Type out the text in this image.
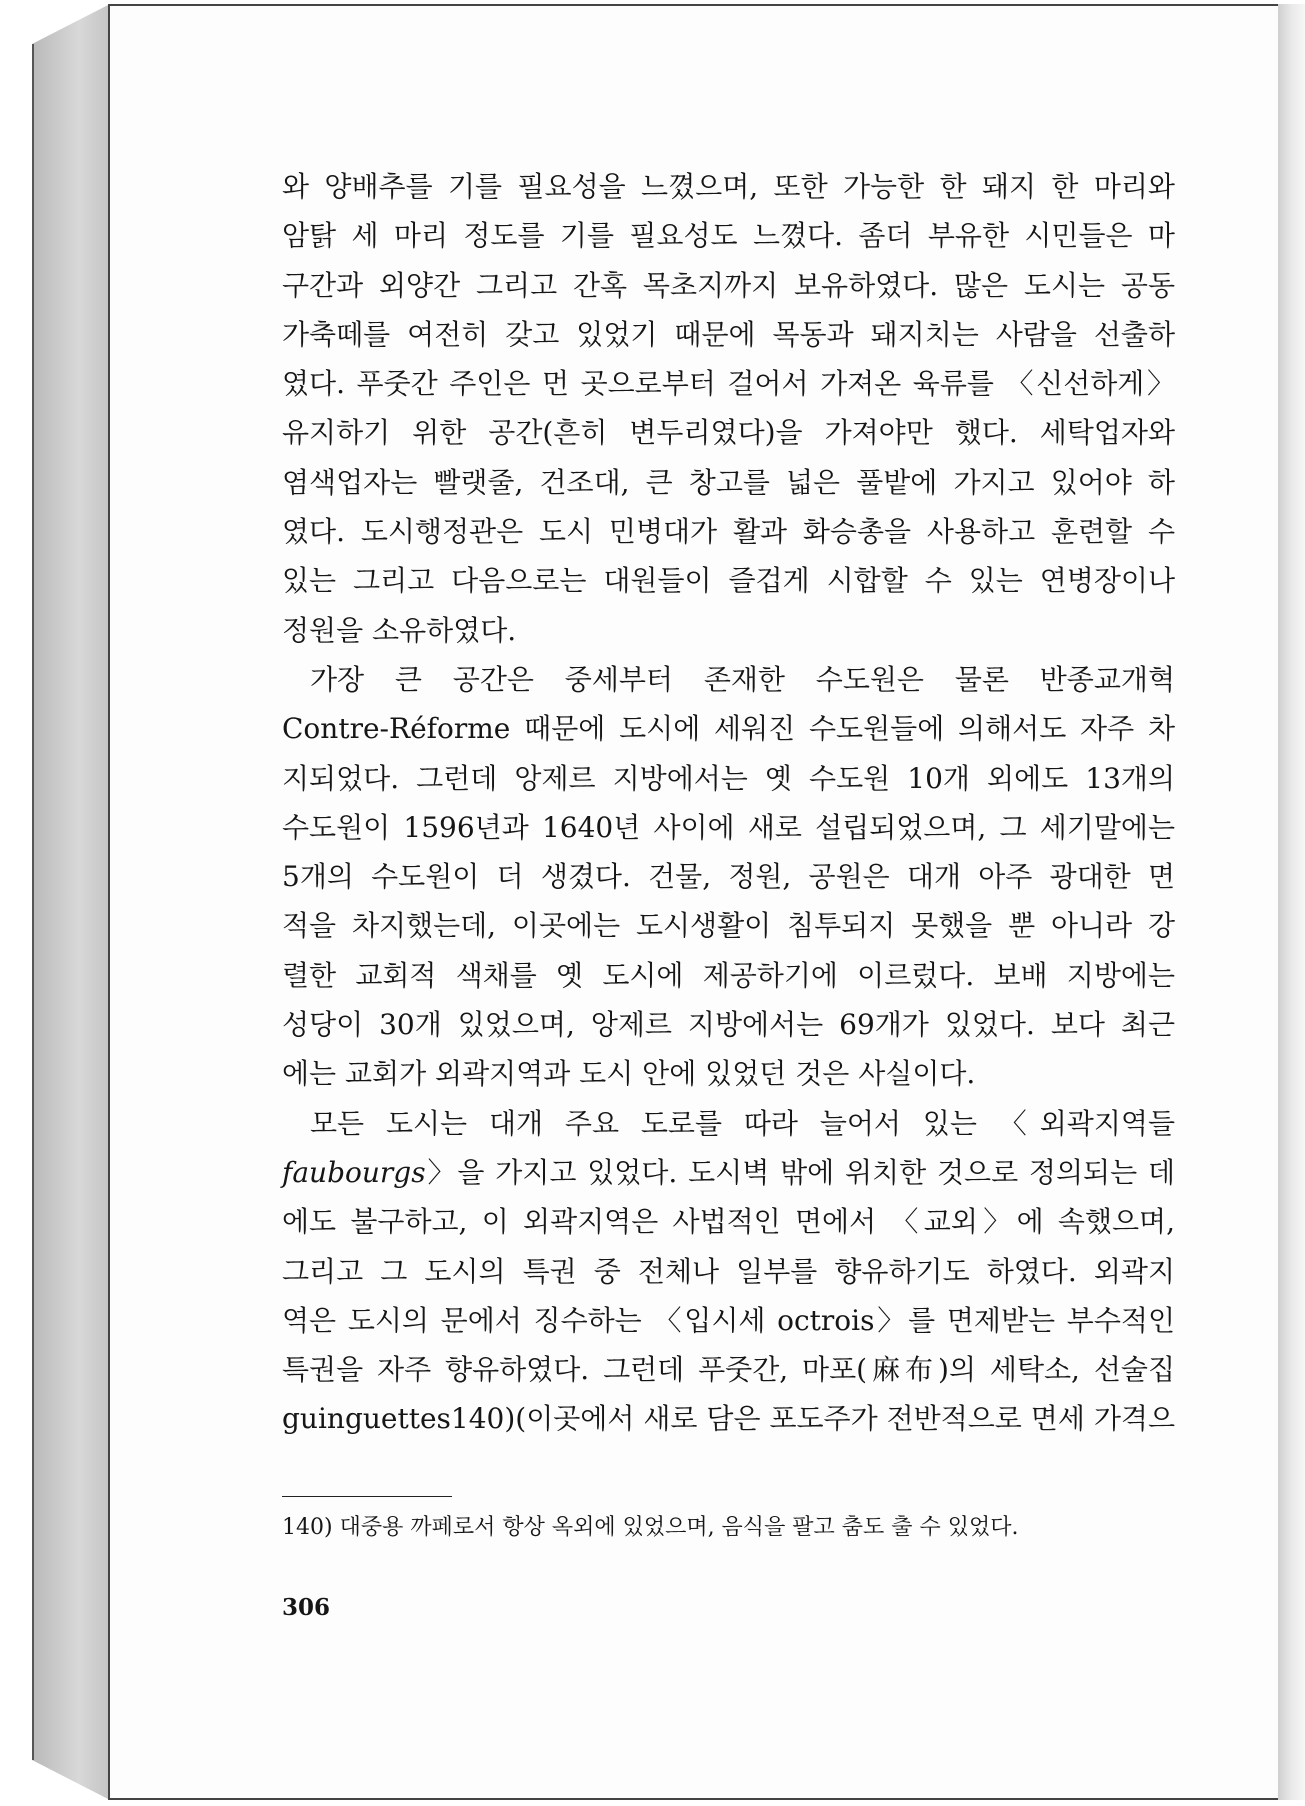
와 양배추를 기를 필요성을 느꼈으며, 또한 가능한 한 돼지 한 마리와
암탉 세 마리 정도를 기를 필요성도 느꼈다. 좀더 부유한 시민들은 마
구간과 외양간 그리고 간혹 목초지까지 보유하였다. 많은 도시는 공동
가축떼를 여전히 갖고 있었기 때문에 목동과 돼지치는 사람을 선출하
였다. 푸줏간 주인은 먼 곳으로부터 걸어서 가져온 육류를 〈신선하게〉
유지하기 위한 공간(흔히 변두리였다)을 가져야만 했다. 세탁업자와
염색업자는 빨랫줄, 건조대, 큰 창고를 넓은 풀밭에 가지고 있어야 하
였다. 도시행정관은 도시 민병대가 활과 화승총을 사용하고 훈련할 수
있는 그리고 다음으로는 대원들이 즐겁게 시합할 수 있는 연병장이나
정원을 소유하였다.
가장 큰 공간은 중세부터 존재한 수도원은 물론 반종교개혁
Contre-Réforme 때문에 도시에 세워진 수도원들에 의해서도 자주 차
지되었다. 그런데 앙제르 지방에서는 옛 수도원 10개 외에도 13개의
수도원이 1596년과 1640년 사이에 새로 설립되었으며, 그 세기말에는
5개의 수도원이 더 생겼다. 건물, 정원, 공원은 대개 아주 광대한 면
적을 차지했는데, 이곳에는 도시생활이 침투되지 못했을 뿐 아니라 강
렬한 교회적 색채를 옛 도시에 제공하기에 이르렀다. 보배 지방에는
성당이 30개 있었으며, 앙제르 지방에서는 69개가 있었다. 보다 최근
에는 교회가 외곽지역과 도시 안에 있었던 것은 사실이다.
모든 도시는 대개 주요 도로를 따라 늘어서 있는 〈외곽지역들
faubourgs〉을 가지고 있었다. 도시벽 밖에 위치한 것으로 정의되는 데
에도 불구하고, 이 외곽지역은 사법적인 면에서 〈교외〉에 속했으며,
그리고 그 도시의 특권 중 전체나 일부를 향유하기도 하였다. 외곽지
역은 도시의 문에서 징수하는 〈입시세 octrois〉를 면제받는 부수적인
특권을 자주 향유하였다. 그런데 푸줏간, 마포(麻布)의 세탁소, 선술집
guinguettes140)(이곳에서 새로 담은 포도주가 전반적으로 면세 가격으
140) 대중용 까페로서 항상 옥외에 있었으며, 음식을 팔고 춤도 출 수 있었다.
306
